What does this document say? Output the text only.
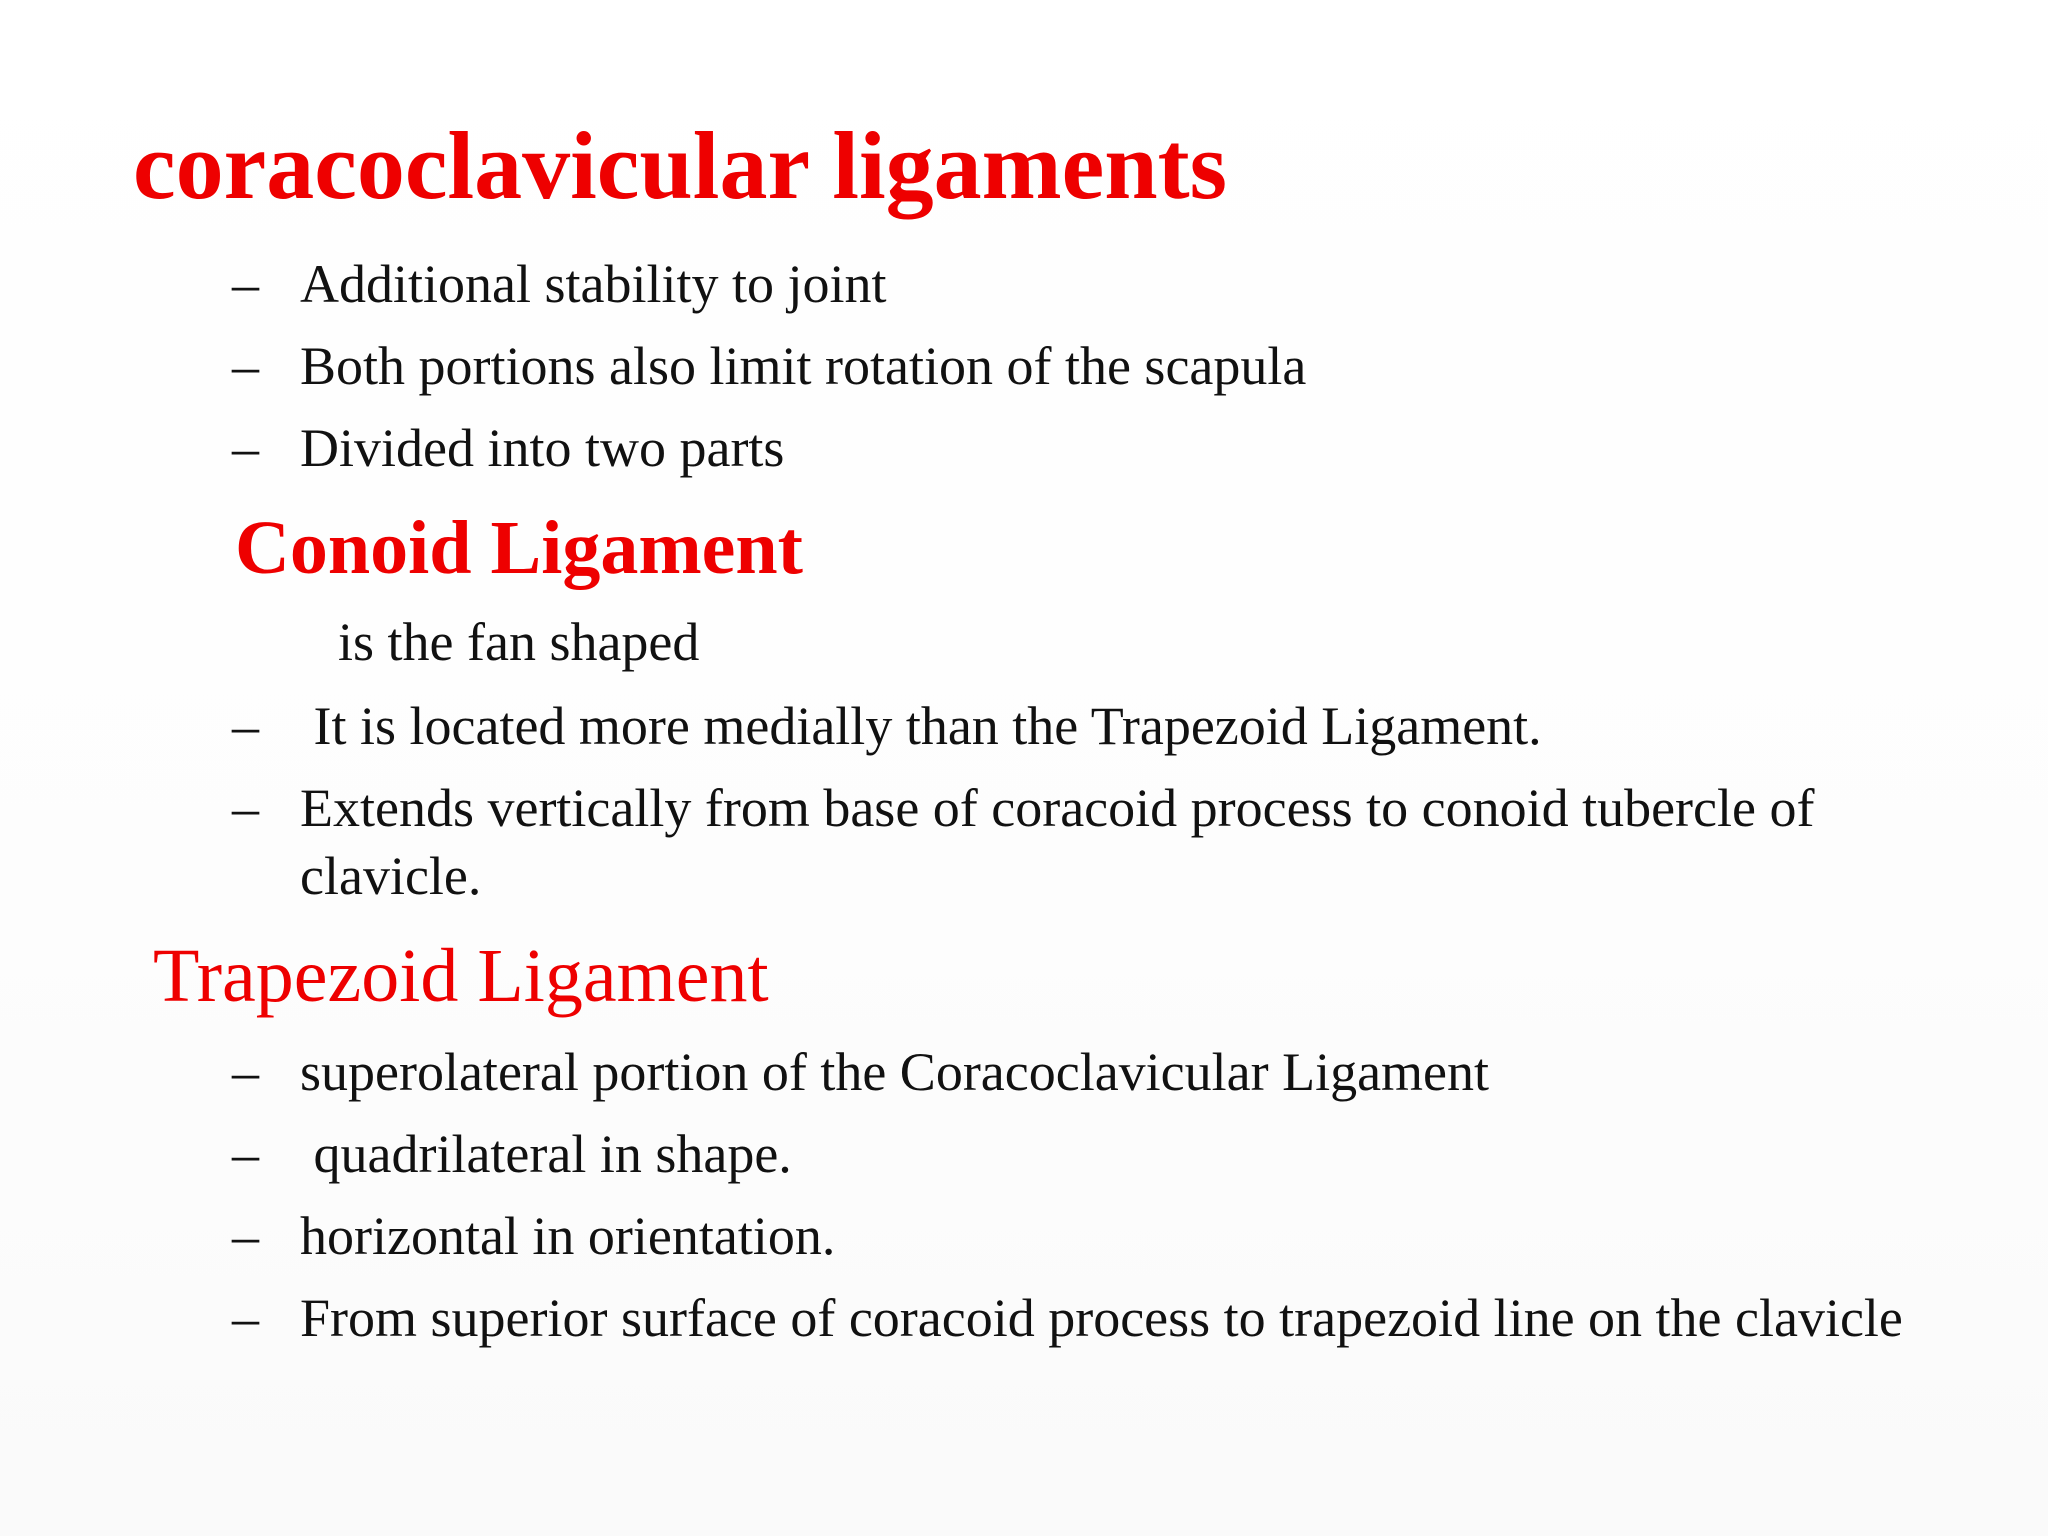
coracoclavicular ligaments
– Additional stability to joint
– Both portions also limit rotation of the scapula
– Divided into two parts
Conoid Ligament
is the fan shaped
– It is located more medially than the Trapezoid Ligament.
– Extends vertically from base of coracoid process to conoid tubercle of clavicle.
Trapezoid Ligament
– superolateral portion of the Coracoclavicular Ligament
– quadrilateral in shape.
– horizontal in orientation.
– From superior surface of coracoid process to trapezoid line on the clavicle
